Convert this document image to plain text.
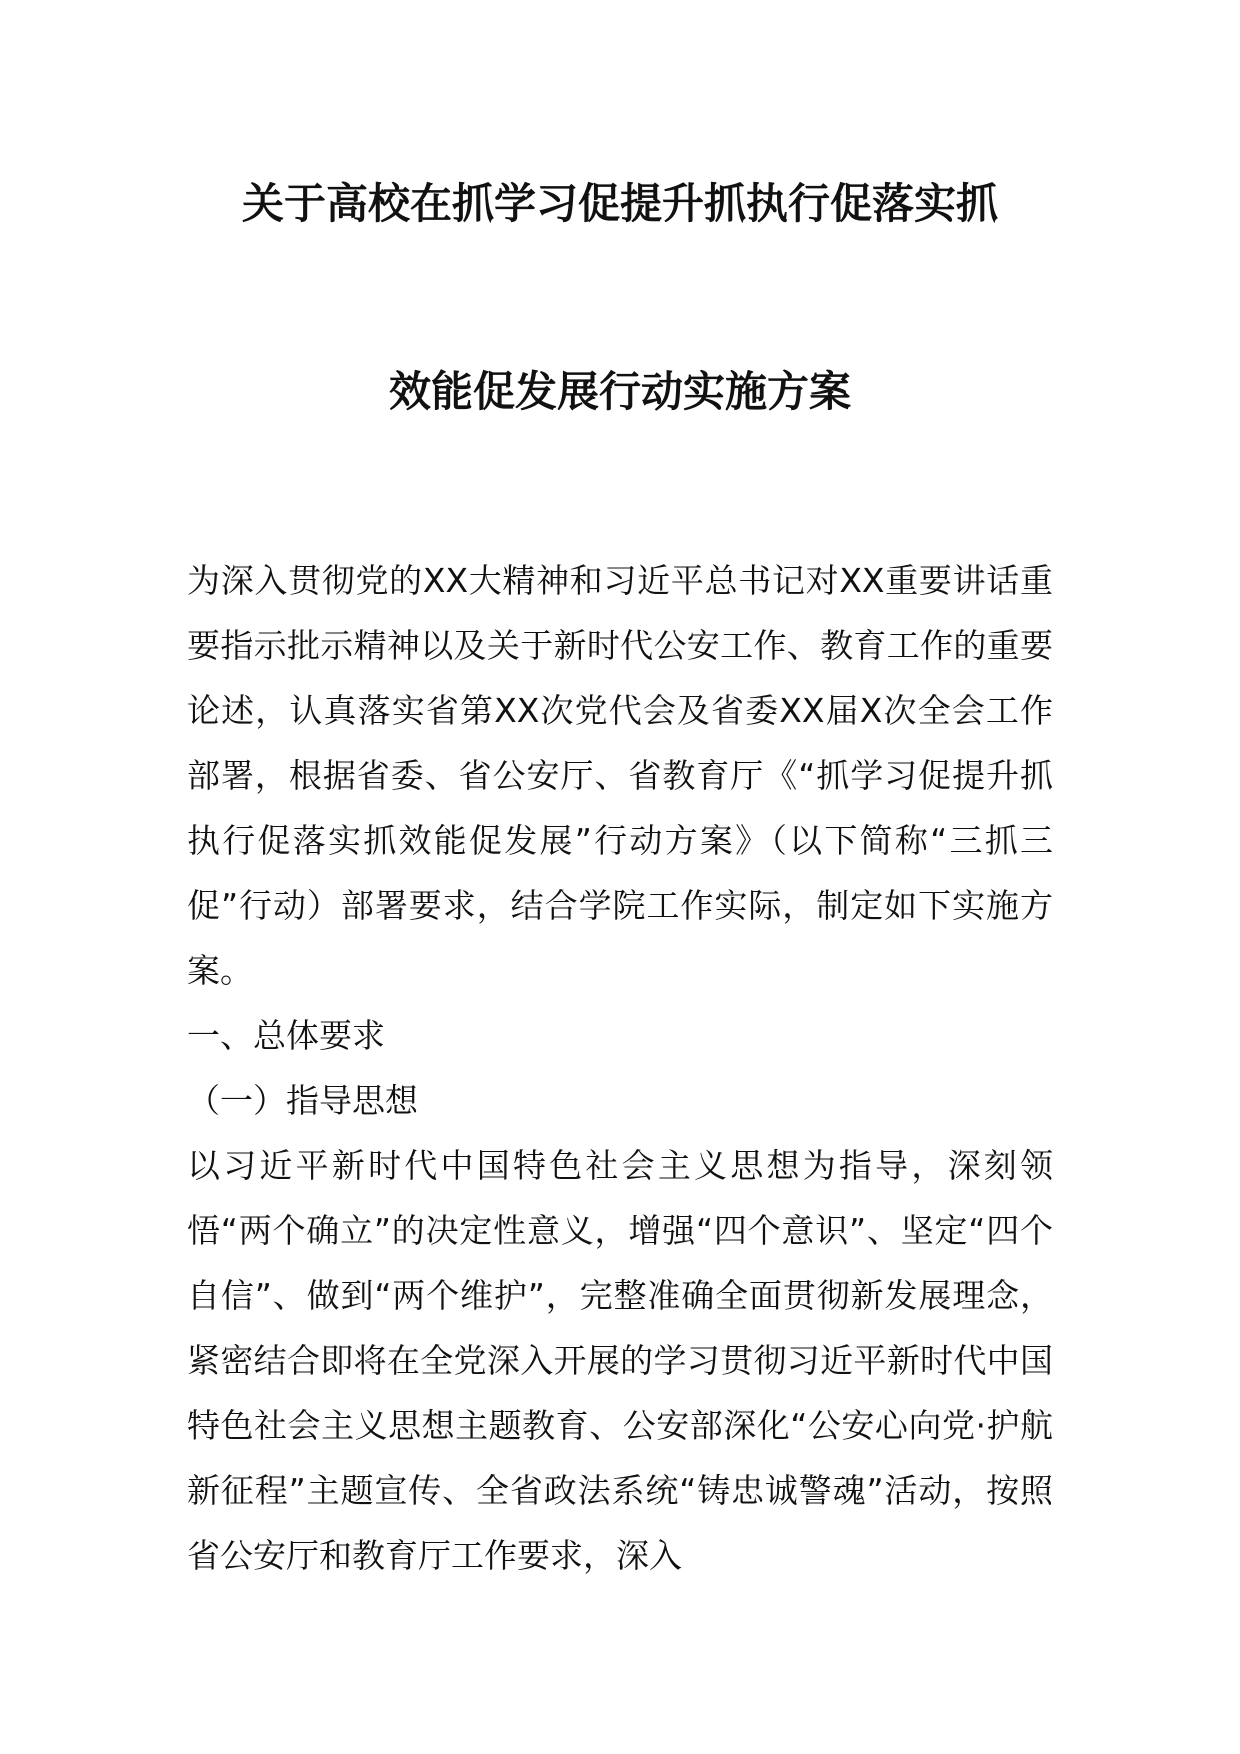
关于高校在抓学习促提升抓执行促落实抓
效能促发展行动实施方案

为深入贯彻党的XX大精神和习近平总书记对XX重要讲话重要指示批示精神以及关于新时代公安工作、教育工作的重要论述，认真落实省第XX次党代会及省委XX届X次全会工作部署，根据省委、省公安厅、省教育厅《“抓学习促提升抓执行促落实抓效能促发展”行动方案》（以下简称“三抓三促”行动）部署要求，结合学院工作实际，制定如下实施方案。

一、总体要求

（一）指导思想

以习近平新时代中国特色社会主义思想为指导，深刻领悟“两个确立”的决定性意义，增强“四个意识”、坚定“四个自信”、做到“两个维护”，完整准确全面贯彻新发展理念，紧密结合即将在全党深入开展的学习贯彻习近平新时代中国特色社会主义思想主题教育、公安部深化“公安心向党·护航新征程”主题宣传、全省政法系统“铸忠诚警魂”活动，按照省公安厅和教育厅工作要求，深入
